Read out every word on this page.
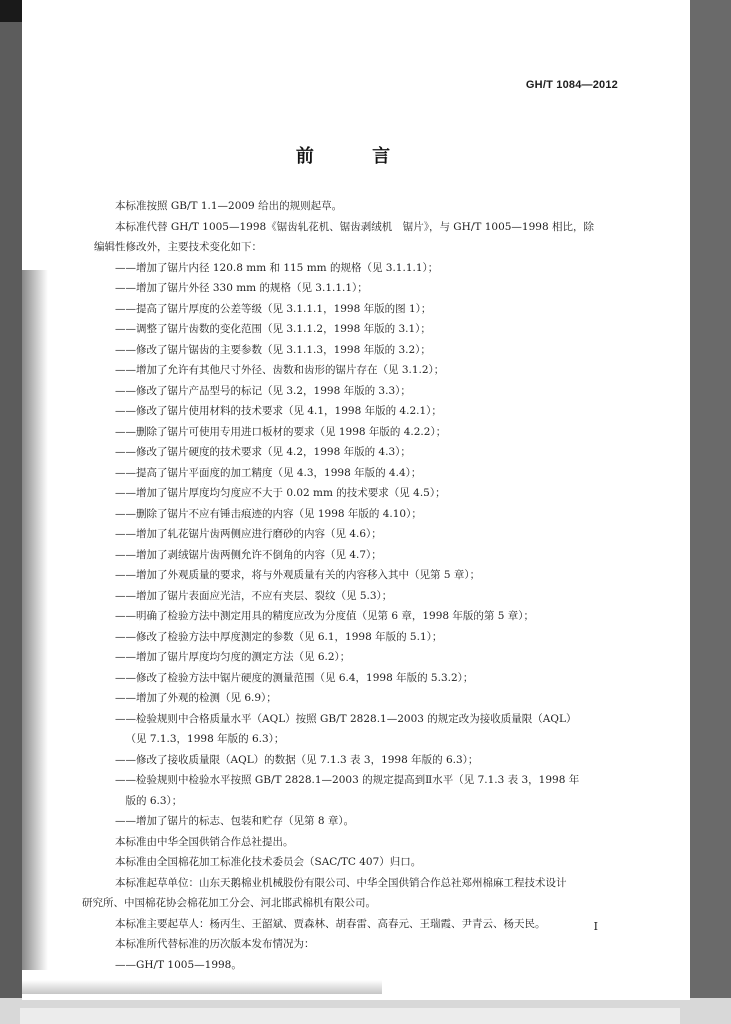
GH/T 1084—2012
前 言

本标准按照 GB/T 1.1—2009 给出的规则起草。

本标准代替 GH/T 1005—1998《锯齿轧花机、锯齿剥绒机　锯片》，与 GH/T 1005—1998 相比，除

编辑性修改外，主要技术变化如下：

——增加了锯片内径 120.8 mm 和 115 mm 的规格（见 3.1.1.1）；

——增加了锯片外径 330 mm 的规格（见 3.1.1.1）；

——提高了锯片厚度的公差等级（见 3.1.1.1，1998 年版的图 1）；

——调整了锯片齿数的变化范围（见 3.1.1.2，1998 年版的 3.1）；

——修改了锯片锯齿的主要参数（见 3.1.1.3，1998 年版的 3.2）；

——增加了允许有其他尺寸外径、齿数和齿形的锯片存在（见 3.1.2）；

——修改了锯片产品型号的标记（见 3.2，1998 年版的 3.3）；

——修改了锯片使用材料的技术要求（见 4.1，1998 年版的 4.2.1）；

——删除了锯片可使用专用进口板材的要求（见 1998 年版的 4.2.2）；

——修改了锯片硬度的技术要求（见 4.2，1998 年版的 4.3）；

——提高了锯片平面度的加工精度（见 4.3，1998 年版的 4.4）；

——增加了锯片厚度均匀度应不大于 0.02 mm 的技术要求（见 4.5）；

——删除了锯片不应有锤击痕迹的内容（见 1998 年版的 4.10）；

——增加了轧花锯片齿两侧应进行磨砂的内容（见 4.6）；

——增加了剥绒锯片齿两侧允许不倒角的内容（见 4.7）；

——增加了外观质量的要求，将与外观质量有关的内容移入其中（见第 5 章）；

——增加了锯片表面应光洁，不应有夹层、裂纹（见 5.3）；

——明确了检验方法中测定用具的精度应改为分度值（见第 6 章，1998 年版的第 5 章）；

——修改了检验方法中厚度测定的参数（见 6.1，1998 年版的 5.1）；

——增加了锯片厚度均匀度的测定方法（见 6.2）；

——修改了检验方法中锯片硬度的测量范围（见 6.4，1998 年版的 5.3.2）；

——增加了外观的检测（见 6.9）；

——检验规则中合格质量水平（AQL）按照 GB/T 2828.1—2003 的规定改为接收质量限（AQL）

（见 7.1.3，1998 年版的 6.3）；

——修改了接收质量限（AQL）的数据（见 7.1.3 表 3，1998 年版的 6.3）；

——检验规则中检验水平按照 GB/T 2828.1—2003 的规定提高到Ⅱ水平（见 7.1.3 表 3，1998 年

版的 6.3）；

——增加了锯片的标志、包装和贮存（见第 8 章）。

本标准由中华全国供销合作总社提出。

本标准由全国棉花加工标准化技术委员会（SAC/TC 407）归口。

本标准起草单位：山东天鹅棉业机械股份有限公司、中华全国供销合作总社郑州棉麻工程技术设计

研究所、中国棉花协会棉花加工分会、河北邯武棉机有限公司。

本标准主要起草人：杨丙生、王韶斌、贾森林、胡春雷、高春元、王瑞霞、尹青云、杨天民。

本标准所代替标准的历次版本发布情况为：

——GH/T 1005—1998。

I
